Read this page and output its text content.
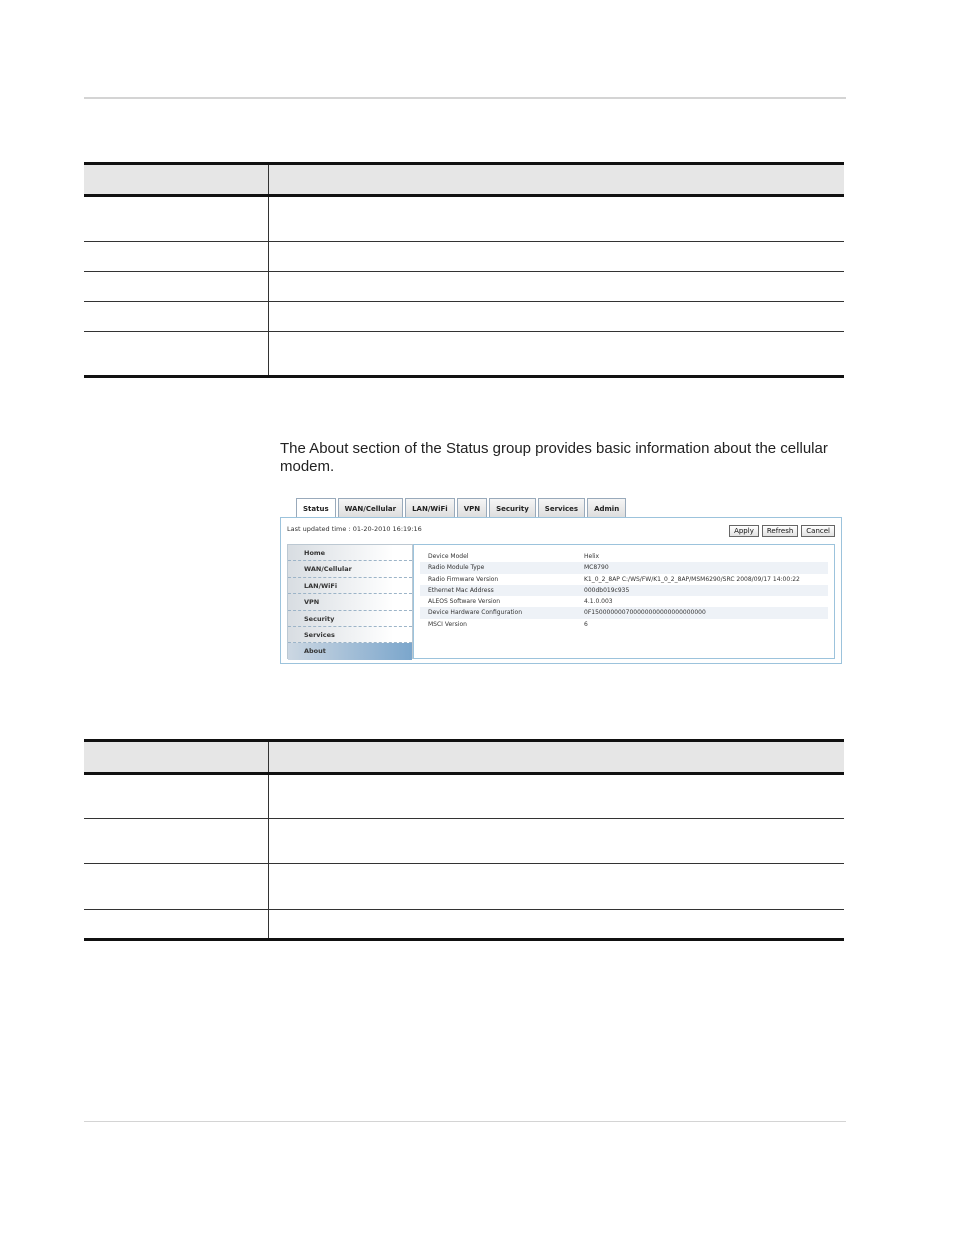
The About section of the Status group provides basic information about the cellular modem.

Status	WAN/Cellular	LAN/WiFi	VPN	Security	Services	Admin
Last updated time : 01-20-2010 16:19:16	Apply	Refresh	Cancel
Home
WAN/Cellular
LAN/WiFi
VPN
Security
Services
About
Device Model	Helix
Radio Module Type	MC8790
Radio Firmware Version	K1_0_2_8AP C:/WS/FW/K1_0_2_8AP/MSM6290/SRC 2008/09/17 14:00:22
Ethernet Mac Address	000db019c935
ALEOS Software Version	4.1.0.003
Device Hardware Configuration	0F150000000700000000000000000000
MSCI Version	6
